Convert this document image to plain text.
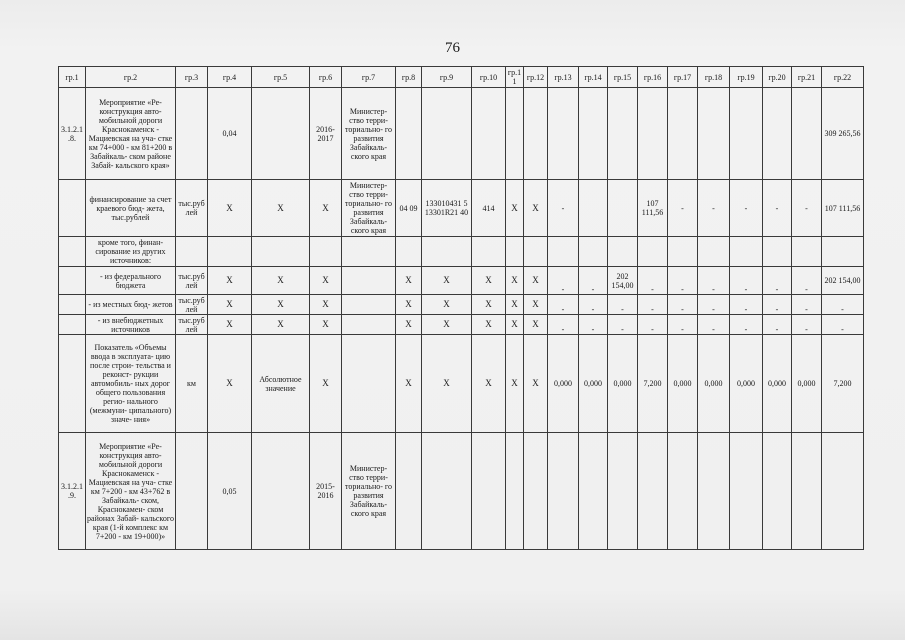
76
гр.1	гр.2	гр.3	гр.4	гр.5	гр.6	гр.7	гр.8	гр.9	гр.10	гр.1 1	гр.12	гр.13	гр.14	гр.15	гр.16	гр.17	гр.18	гр.19	гр.20	гр.21	гр.22
3.1.2.1 .8.	Мероприятие «Ре- конструкция авто- мобильной дороги Краснокаменск - Мациевская на уча- стке км 74+000 - км 81+200 в Забайкаль- ском районе Забай- кальского края»		0,04		2016- 2017	Министер- ство терри- ториально- го развития Забайкаль- ского края															309 265,56
	финансирование за счет краевого бюд- жета, тыс.рублей	тыс.руб лей	X	X	X	Министер- ство терри- ториально- го развития Забайкаль- ского края	04 09	133010431 5 13301R21 40	414	X	X	-			107 111,56	-	-	-	-	-	107 111,56
	кроме того, финан- сирование из других источников:																				
	- из федерального бюджета	тыс.руб лей	X	X	X		X	X	X	X	X	-	-	202 154,00	-	-	-	-	-	-	202 154,00
	- из местных бюд- жетов	тыс.руб лей	X	X	X		X	X	X	X	X	-	-	-	-	-	-	-	-	-	-
	- из внебюджетных источников	тыс.руб лей	X	X	X		X	X	X	X	X	-	-	-	-	-	-	-	-	-	-
	Показатель «Объемы ввода в эксплуата- цию после строи- тельства и реконст- рукции автомобиль- ных дорог общего пользования регио- нального (межмуни- ципального) значе- ния»	км	X	Абсолютное значение	X		X	X	X	X	X	0,000	0,000	0,000	7,200	0,000	0,000	0,000	0,000	0,000	7,200
3.1.2.1 .9.	Мероприятие «Ре- конструкция авто- мобильной дороги Краснокаменск - Мациевская на уча- стке км 7+200 - км 43+762 в Забайкаль- ском, Краснокамен- ском районах Забай- кальского края (1-й комплекс км 7+200 - км 19+000)»		0,05		2015- 2016	Министер- ство терри- ториально- го развития Забайкаль- ского края															
